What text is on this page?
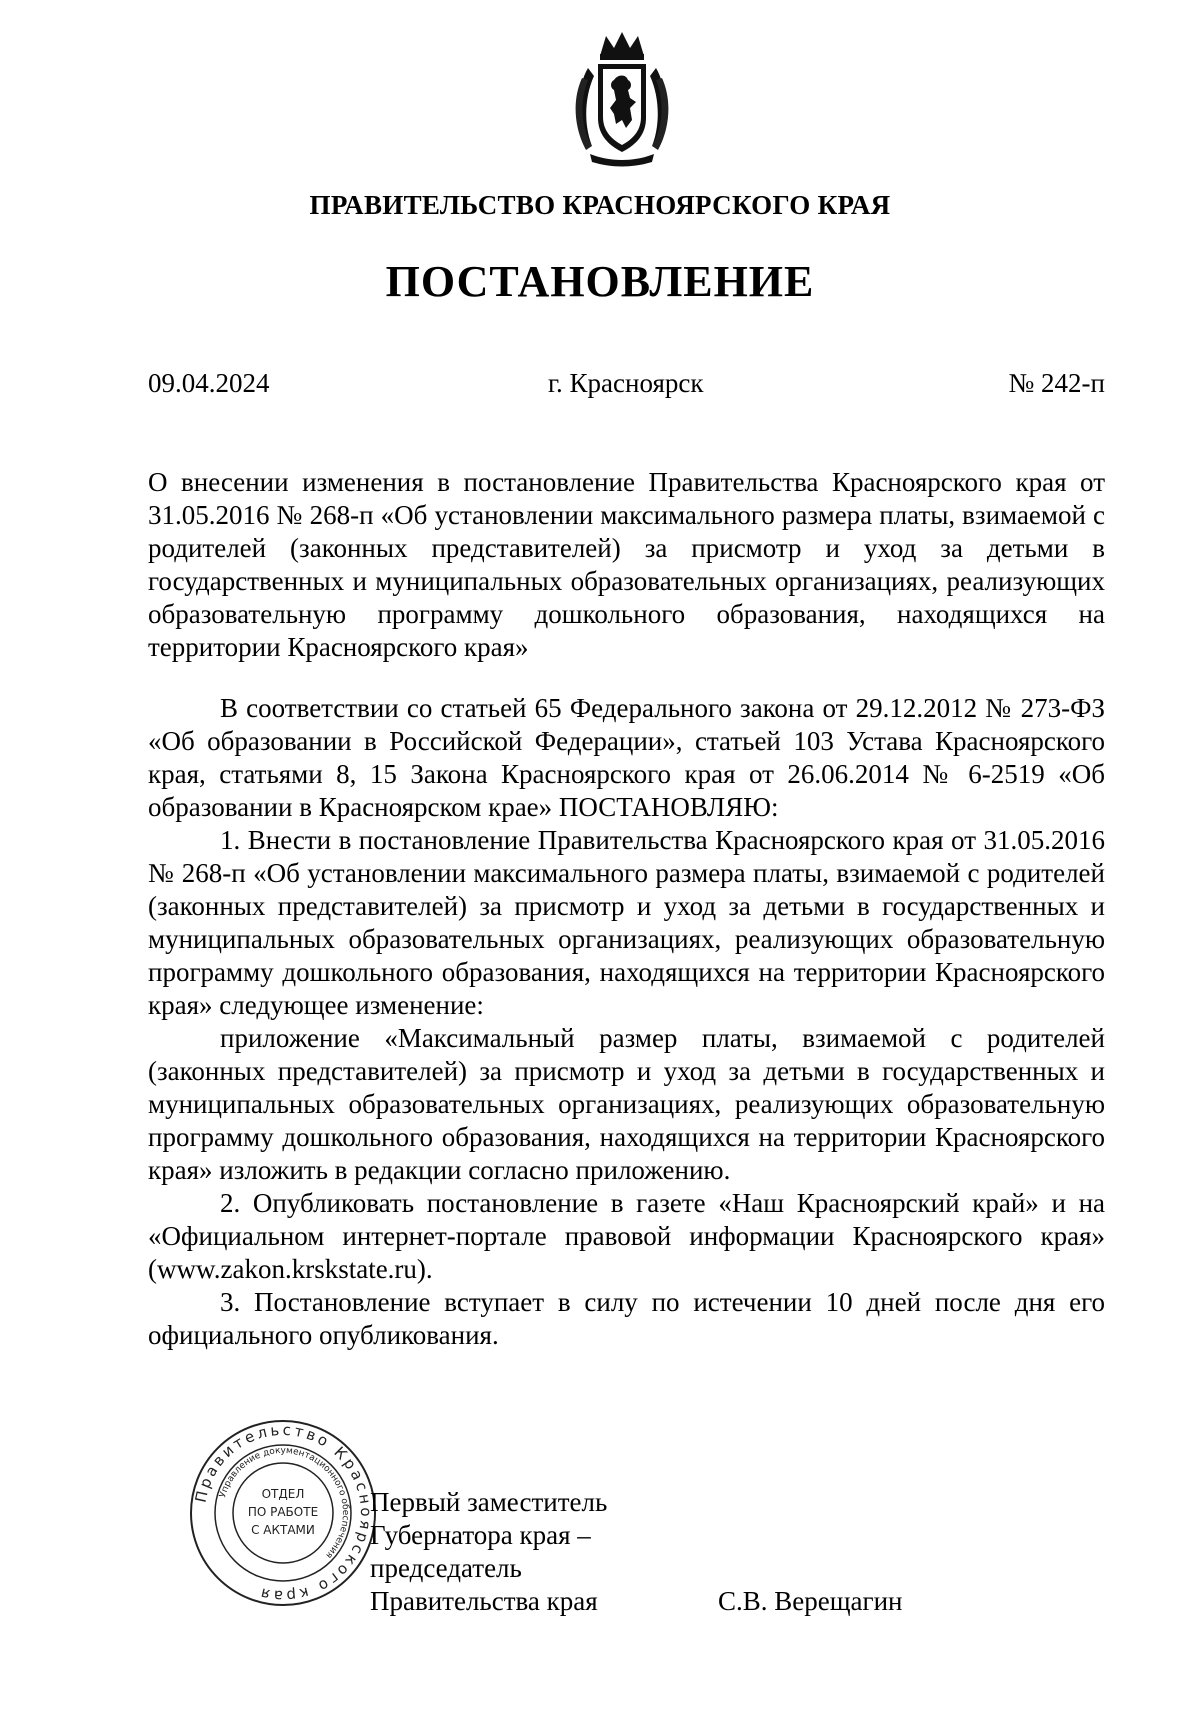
ПРАВИТЕЛЬСТВО КРАСНОЯРСКОГО КРАЯ
ПОСТАНОВЛЕНИЕ
09.04.2024	г. Красноярск	№ 242-п

О внесении изменения в постановление Правительства Красноярского края от 31.05.2016 № 268-п «Об установлении максимального размера платы, взимаемой с родителей (законных представителей) за присмотр и уход за детьми в государственных и муниципальных образовательных организациях, реализующих образовательную программу дошкольного образования, находящихся на территории Красноярского края»

В соответствии со статьей 65 Федерального закона от 29.12.2012 № 273-ФЗ «Об образовании в Российской Федерации», статьей 103 Устава Красноярского края, статьями 8, 15 Закона Красноярского края от 26.06.2014 № 6-2519 «Об образовании в Красноярском крае» ПОСТАНОВЛЯЮ:

1. Внести в постановление Правительства Красноярского края от 31.05.2016 № 268-п «Об установлении максимального размера платы, взимаемой с родителей (законных представителей) за присмотр и уход за детьми в государственных и муниципальных образовательных организациях, реализующих образовательную программу дошкольного образования, находящихся на территории Красноярского края» следующее изменение:

приложение «Максимальный размер платы, взимаемой с родителей (законных представителей) за присмотр и уход за детьми в государственных и муниципальных образовательных организациях, реализующих образовательную программу дошкольного образования, находящихся на территории Красноярского края» изложить в редакции согласно приложению.

2. Опубликовать постановление в газете «Наш Красноярский край» и на «Официальном интернет-портале правовой информации Красноярского края» (www.zakon.krskstate.ru).

3. Постановление вступает в силу по истечении 10 дней после дня его официального опубликования.

Правительство Красноярского края
Управление документационного обеспечения
ОТДЕЛ
ПО РАБОТЕ
С АКТАМИ
Первый заместитель
Губернатора края –
председатель
Правительства края	С.В. Верещагин
